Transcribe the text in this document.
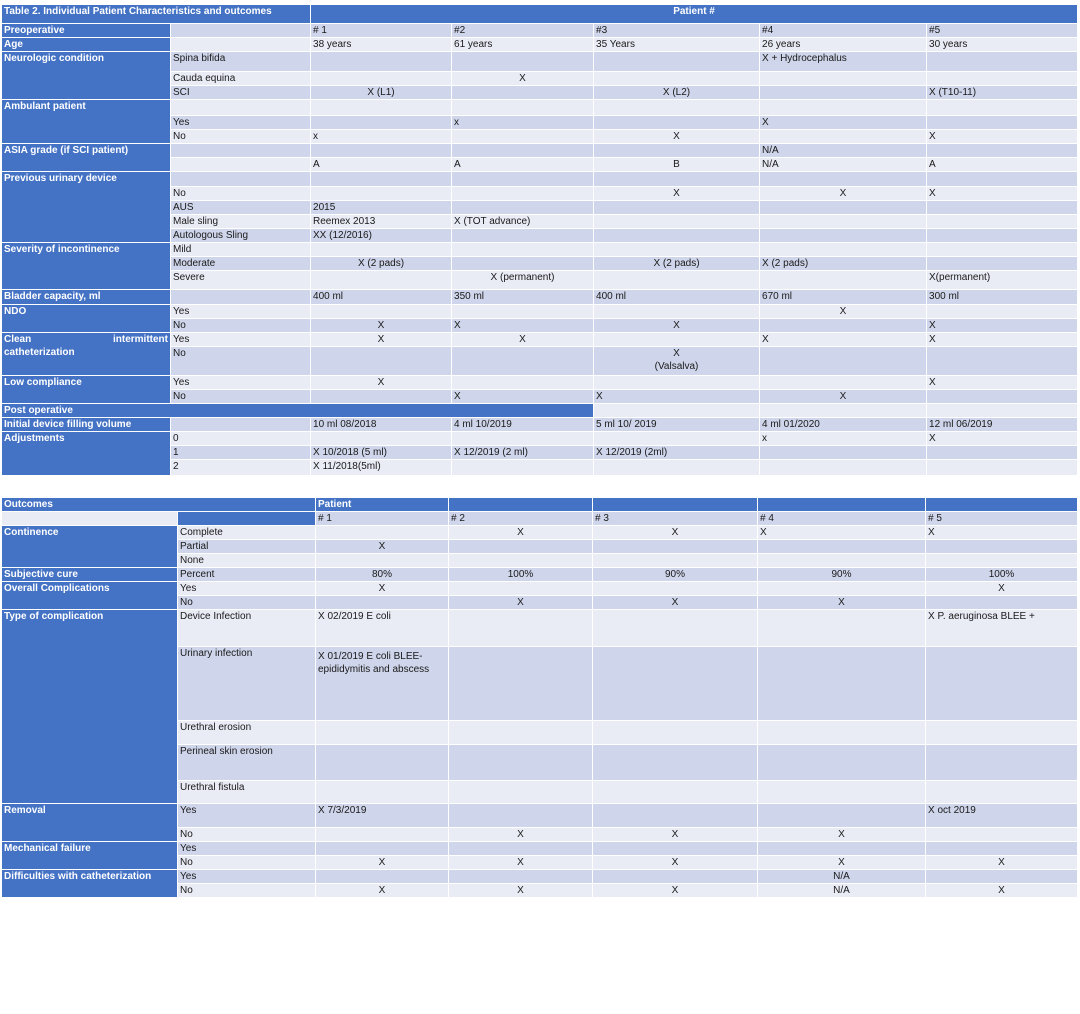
Table 2. Individual Patient Characteristics and outcomes		Patient #				
Preoperative		# 1	#2	#3	#4	#5
Age		38 years	61 years	35 Years	26 years	30 years
Neurologic condition	Spina bifida				X + Hydrocephalus	
	Cauda equina		X			
	SCI	X (L1)		X (L2)		X (T10-11)
Ambulant patient						
	Yes		x		X	
	No	x		X		X
ASIA grade (if SCI patient)					N/A	
		A	A	B	N/A	A
Previous urinary device						
	No			X	X	X
	AUS	2015				
	Male sling	Reemex 2013	X (TOT advance)			
	Autologous Sling	XX (12/2016)				
Severity of incontinence	Mild					
	Moderate	X (2 pads)		X (2 pads)	X (2 pads)	
	Severe		X (permanent)			X(permanent)
Bladder capacity, ml		400 ml	350 ml	400 ml	670 ml	300 ml
NDO	Yes				X	
	No	X	X	X		X

Clean intermittent
catheterization	Yes	X	X		X	X
	No			X
(Valsalva)		

Low compliance	Yes	X				X
	No		X	X	X	
Post operative						
Initial device filling volume		10 ml 08/2018	4 ml 10/2019	5 ml 10/ 2019	4 ml 01/2020	12 ml 06/2019
Adjustments	0				x	X
	1	X 10/2018 (5 ml)	X 12/2019 (2 ml)	X 12/2019 (2ml)		
	2	X 11/2018(5ml)				
Outcomes		Patient				
		# 1	# 2	# 3	# 4	# 5
Continence	Complete		X	X	X	X
	Partial	X				
	None					
Subjective cure	Percent	80%	100%	90%	90%	100%
Overall Complications	Yes	X				X
	No		X	X	X	
Type of complication	Device Infection	X 02/2019 E coli				X P. aeruginosa BLEE +
	Urinary infection	X 01/2019 E coli BLEE- epididymitis and abscess				
	Urethral erosion					
	Perineal skin erosion					
	Urethral fistula					
Removal	Yes	X 7/3/2019				X oct 2019
	No		X	X	X	
Mechanical failure	Yes					
	No	X	X	X	X	X
Difficulties with catheterization	Yes				N/A	
	No	X	X	X	N/A	X
